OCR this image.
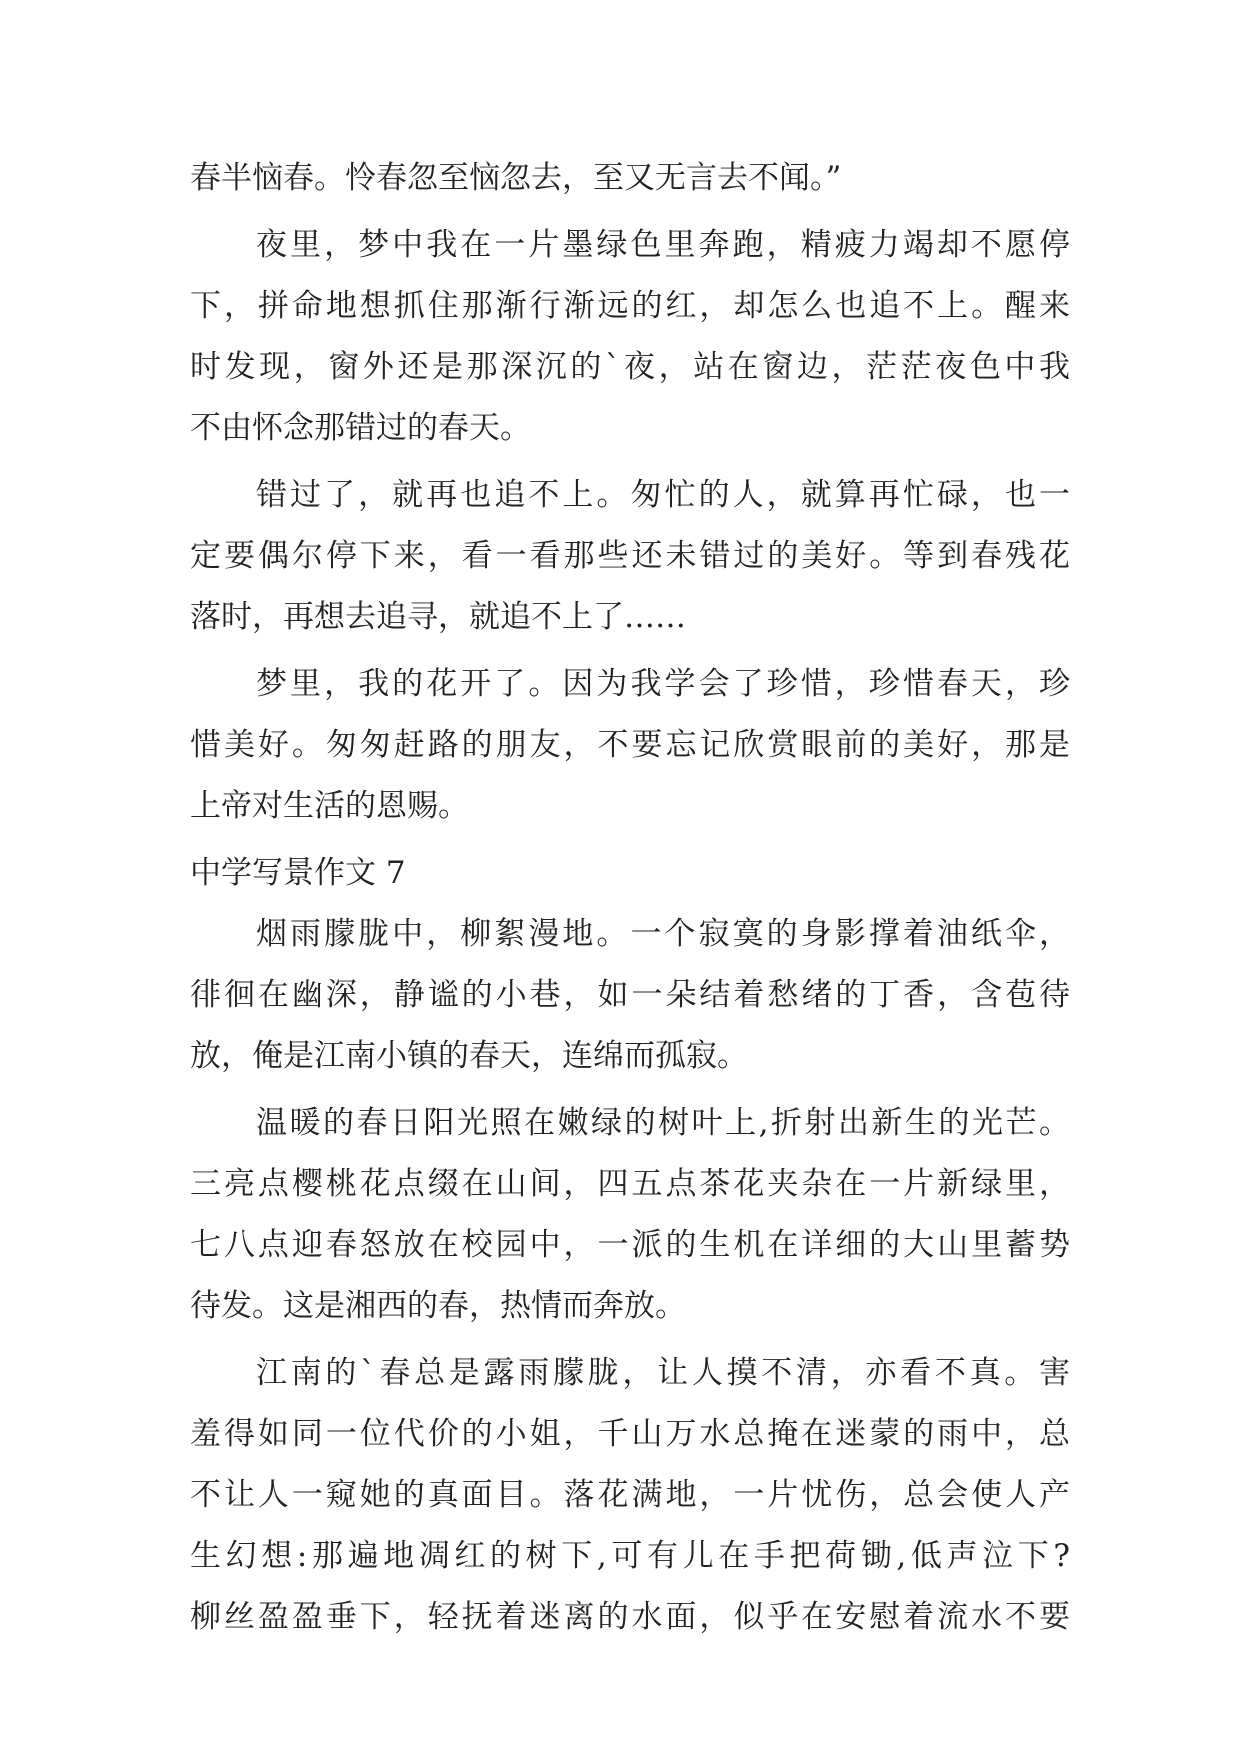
春半恼春。怜春忽至恼忽去，至又无言去不闻。”
夜里，梦中我在一片墨绿色里奔跑，精疲力竭却不愿停
下，拼命地想抓住那渐行渐远的红，却怎么也追不上。醒来
时发现，窗外还是那深沉的`夜，站在窗边，茫茫夜色中我
不由怀念那错过的春天。
错过了，就再也追不上。匆忙的人，就算再忙碌，也一
定要偶尔停下来，看一看那些还未错过的美好。等到春残花
落时，再想去追寻，就追不上了……
梦里，我的花开了。因为我学会了珍惜，珍惜春天，珍
惜美好。匆匆赶路的朋友，不要忘记欣赏眼前的美好，那是
上帝对生活的恩赐。
中学写景作文 7
烟雨朦胧中，柳絮漫地。一个寂寞的身影撑着油纸伞，
徘徊在幽深，静谧的小巷，如一朵结着愁绪的丁香，含苞待
放，俺是江南小镇的春天，连绵而孤寂。
温暖的春日阳光照在嫩绿的树叶上,折射出新生的光芒。
三亮点樱桃花点缀在山间，四五点茶花夹杂在一片新绿里，
七八点迎春怒放在校园中，一派的生机在详细的大山里蓄势
待发。这是湘西的春，热情而奔放。
江南的`春总是露雨朦胧，让人摸不清，亦看不真。害
羞得如同一位代价的小姐，千山万水总掩在迷蒙的雨中，总
不让人一窥她的真面目。落花满地，一片忧伤，总会使人产
生幻想:那遍地凋红的树下,可有儿在手把荷锄,低声泣下?
柳丝盈盈垂下，轻抚着迷离的水面，似乎在安慰着流水不要
